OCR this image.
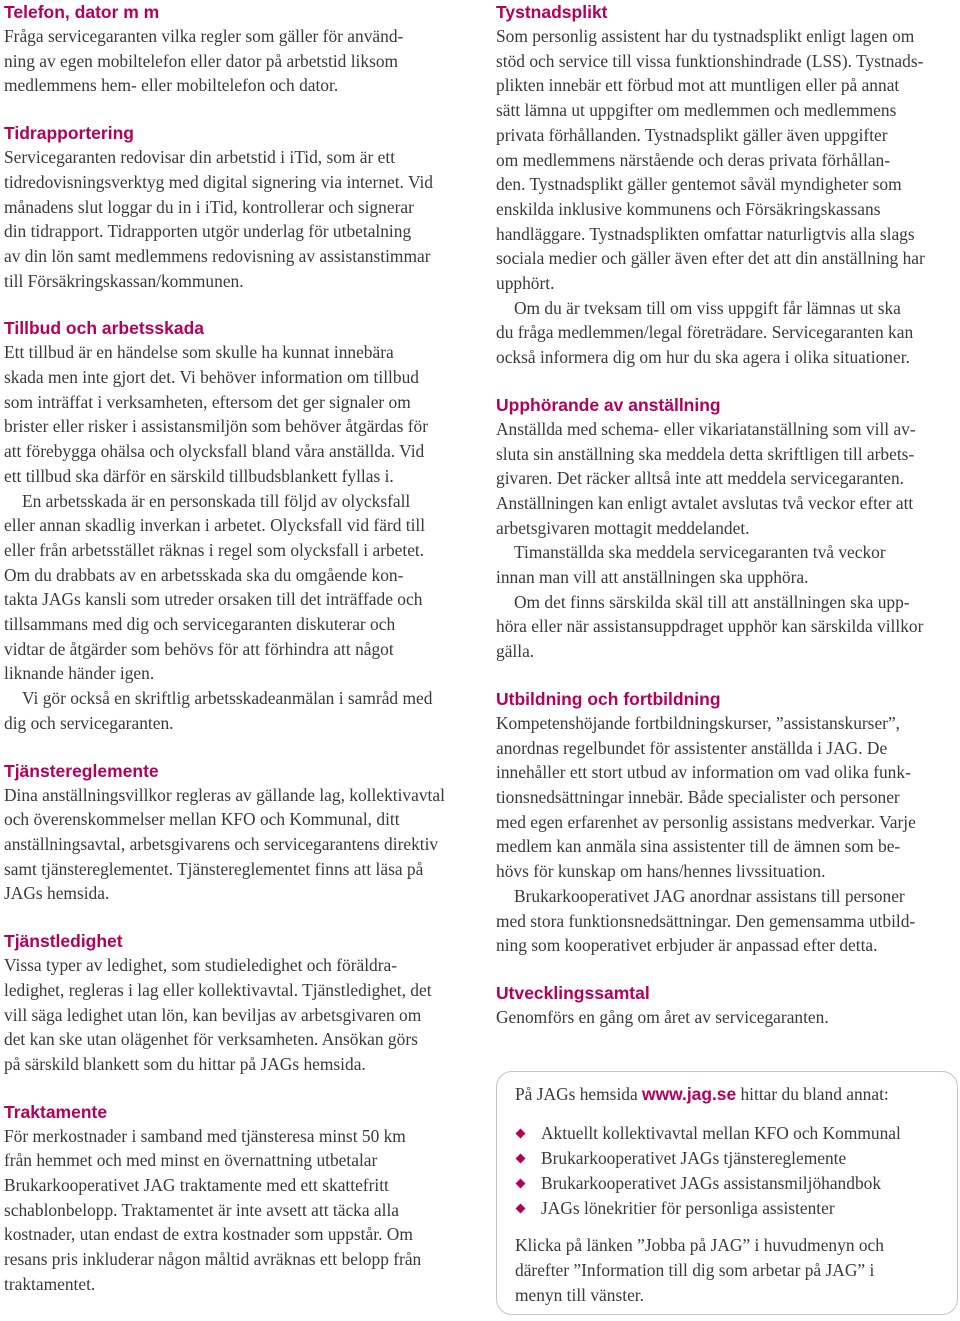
Telefon, dator m m
Fråga servicegaranten vilka regler som gäller för använd-
ning av egen mobiltelefon eller dator på arbetstid liksom
medlemmens hem- eller mobiltelefon och dator.
Tidrapportering
Servicegaranten redovisar din arbetstid i iTid, som är ett
tidredovisningsverktyg med digital signering via internet. Vid
månadens slut loggar du in i iTid, kontrollerar och signerar
din tidrapport. Tidrapporten utgör underlag för utbetalning
av din lön samt medlemmens redovisning av assistanstimmar
till Försäkringskassan/kommunen.
Tillbud och arbetsskada
Ett tillbud är en händelse som skulle ha kunnat innebära
skada men inte gjort det. Vi behöver information om tillbud
som inträffat i verksamheten, eftersom det ger signaler om
brister eller risker i assistansmiljön som behöver åtgärdas för
att förebygga ohälsa och olycksfall bland våra anställda. Vid
ett tillbud ska därför en särskild tillbudsblankett fyllas i.
En arbetsskada är en personskada till följd av olycksfall
eller annan skadlig inverkan i arbetet. Olycksfall vid färd till
eller från arbetsstället räknas i regel som olycksfall i arbetet.
Om du drabbats av en arbetsskada ska du omgående kon-
takta JAGs kansli som utreder orsaken till det inträffade och
tillsammans med dig och servicegaranten diskuterar och
vidtar de åtgärder som behövs för att förhindra att något
liknande händer igen.
Vi gör också en skriftlig arbetsskadeanmälan i samråd med
dig och servicegaranten.
Tjänstereglemente
Dina anställningsvillkor regleras av gällande lag, kollektivavtal
och överenskommelser mellan KFO och Kommunal, ditt
anställningsavtal, arbetsgivarens och servicegarantens direktiv
samt tjänstereglementet. Tjänstereglementet finns att läsa på
JAGs hemsida.
Tjänstledighet
Vissa typer av ledighet, som studieledighet och föräldra-
ledighet, regleras i lag eller kollektivavtal. Tjänstledighet, det
vill säga ledighet utan lön, kan beviljas av arbetsgivaren om
det kan ske utan olägenhet för verksamheten. Ansökan görs
på särskild blankett som du hittar på JAGs hemsida.
Traktamente
För merkostnader i samband med tjänsteresa minst 50 km
från hemmet och med minst en övernattning utbetalar
Brukarkooperativet JAG traktamente med ett skattefritt
schablonbelopp. Traktamentet är inte avsett att täcka alla
kostnader, utan endast de extra kostnader som uppstår. Om
resans pris inkluderar någon måltid avräknas ett belopp från
traktamentet.
Tystnadsplikt
Som personlig assistent har du tystnadsplikt enligt lagen om
stöd och service till vissa funktionshindrade (LSS). Tystnads-
plikten innebär ett förbud mot att muntligen eller på annat
sätt lämna ut uppgifter om medlemmen och medlemmens
privata förhållanden. Tystnadsplikt gäller även uppgifter
om medlemmens närstående och deras privata förhållan-
den. Tystnadsplikt gäller gentemot såväl myndigheter som
enskilda inklusive kommunens och Försäkringskassans
handläggare. Tystnadsplikten omfattar naturligtvis alla slags
sociala medier och gäller även efter det att din anställning har
upphört.
Om du är tveksam till om viss uppgift får lämnas ut ska
du fråga medlemmen/legal företrädare. Servicegaranten kan
också informera dig om hur du ska agera i olika situationer.
Upphörande av anställning
Anställda med schema- eller vikariatanställning som vill av-
sluta sin anställning ska meddela detta skriftligen till arbets-
givaren. Det räcker alltså inte att meddela servicegaranten.
Anställningen kan enligt avtalet avslutas två veckor efter att
arbetsgivaren mottagit meddelandet.
Timanställda ska meddela servicegaranten två veckor
innan man vill att anställningen ska upphöra.
Om det finns särskilda skäl till att anställningen ska upp-
höra eller när assistansuppdraget upphör kan särskilda villkor
gälla.
Utbildning och fortbildning
Kompetenshöjande fortbildningskurser, ”assistanskurser”,
anordnas regelbundet för assistenter anställda i JAG. De
innehåller ett stort utbud av information om vad olika funk-
tionsnedsättningar innebär. Både specialister och personer
med egen erfarenhet av personlig assistans medverkar. Varje
medlem kan anmäla sina assistenter till de ämnen som be-
hövs för kunskap om hans/hennes livssituation.
Brukarkooperativet JAG anordnar assistans till personer
med stora funktionsnedsättningar. Den gemensamma utbild-
ning som kooperativet erbjuder är anpassad efter detta.
Utvecklingssamtal
Genomförs en gång om året av servicegaranten.
På JAGs hemsida www.jag.se hittar du bland annat:
Aktuellt kollektivavtal mellan KFO och Kommunal
Brukarkooperativet JAGs tjänstereglemente
Brukarkooperativet JAGs assistansmiljöhandbok
JAGs lönekritier för personliga assistenter
Klicka på länken ”Jobba på JAG” i huvudmenyn och
därefter ”Information till dig som arbetar på JAG” i
menyn till vänster.
